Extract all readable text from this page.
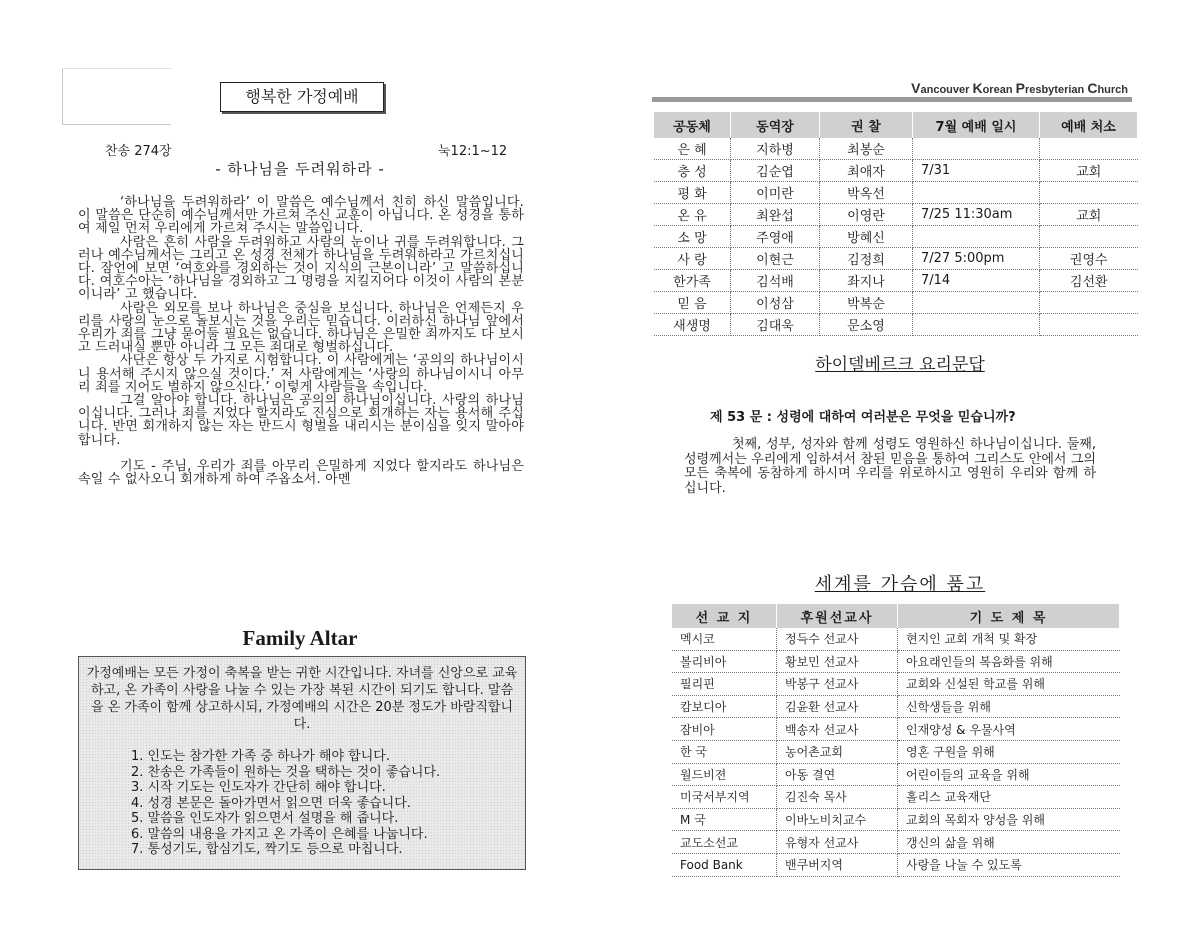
행복한 가정예배
찬송 274장	눅12:1~12
- 하나님을 두려워하라 -

‘하나님을 두려워하라’ 이 말씀은 예수님께서 친히 하신 말씀입니다. 이 말씀은 단순히 예수님께서만 가르쳐 주신 교훈이 아닙니다. 온 성경을 통하여 제일 먼저 우리에게 가르쳐 주시는 말씀입니다.

사람은 흔히 사람을 두려워하고 사람의 눈이나 귀를 두려워합니다. 그러나 예수님께서는 그리고 온 성경 전체가 하나님을 두려워하라고 가르치십니다. 잠언에 보면 ‘여호와를 경외하는 것이 지식의 근본이니라’ 고 말씀하십니다. 여호수아는 ‘하나님을 경외하고 그 명령을 지킬지어다 이것이 사람의 본분이니라’ 고 했습니다.

사람은 외모를 보나 하나님은 중심을 보십니다. 하나님은 언제든지 우리를 사랑의 눈으로 돌보시는 것을 우리는 믿습니다. 이러하신 하나님 앞에서 우리가 죄를 그냥 묻어둘 필요는 없습니다. 하나님은 은밀한 죄까지도 다 보시고 드러내실 뿐만 아니라 그 모든 죄대로 형벌하십니다.

사단은 항상 두 가지로 시험합니다. 이 사람에게는 ‘공의의 하나님이시니 용서해 주시지 않으실 것이다.’ 저 사람에게는 ‘사랑의 하나님이시니 아무리 죄를 지어도 벌하지 않으신다.’ 이렇게 사람들을 속입니다.

그걸 알아야 합니다. 하나님은 공의의 하나님이십니다. 사랑의 하나님이십니다. 그러나 죄를 지었다 할지라도 진심으로 회개하는 자는 용서해 주십니다. 반면 회개하지 않는 자는 반드시 형벌을 내리시는 분이심을 잊지 말아야 합니다.

기도 - 주님, 우리가 죄를 아무리 은밀하게 지었다 할지라도 하나님은 속일 수 없사오니 회개하게 하여 주옵소서. 아멘

Family Altar
가정예배는 모든 가정이 축복을 받는 귀한 시간입니다. 자녀를 신앙으로 교육 하고, 온 가족이 사랑을 나눌 수 있는 가장 복된 시간이 되기도 합니다. 말씀을 온 가족이 함께 상고하시되, 가정예배의 시간은 20분 정도가 바람직합니다.
1. 인도는 참가한 가족 중 하나가 해야 합니다.
2. 찬송은 가족들이 원하는 것을 택하는 것이 좋습니다.
3. 시작 기도는 인도자가 간단히 해야 합니다.
4. 성경 본문은 돌아가면서 읽으면 더욱 좋습니다.
5. 말씀을 인도자가 읽으면서 설명을 해 줍니다.
6. 말씀의 내용을 가지고 온 가족이 은혜를 나눕니다.
7. 통성기도, 합심기도, 짝기도 등으로 마칩니다.
Vancouver Korean Presbyterian Church
공동체	동역장	권 찰	7월 예배 일시	예배 처소
은 혜	지하병	최봉순		
충 성	김순엽	최애자	7/31	교회
평 화	이미란	박옥선		
온 유	최완섭	이영란	7/25 11:30am	교회
소 망	주영애	방혜신		
사 랑	이현근	김정희	7/27 5:00pm	권영수
한가족	김석배	좌지나	7/14	김선환
믿 음	이성삼	박복순		
새생명	김대욱	문소영		
하이델베르크 요리문답
제 53 문 : 성령에 대하여 여러분은 무엇을 믿습니까?

첫째, 성부, 성자와 함께 성령도 영원하신 하나님이십니다. 둘째, 성령께서는 우리에게 임하셔서 참된 믿음을 통하여 그리스도 안에서 그의 모든 축복에 동참하게 하시며 우리를 위로하시고 영원히 우리와 함께 하십니다.

세계를 가슴에 품고
선 교 지	후원선교사	기 도 제 목
멕시코	정득수 선교사	현지인 교회 개척 및 확장
볼리비아	황보민 선교사	아요래인들의 복음화를 위해
필리핀	박봉구 선교사	교회와 신설된 학교를 위해
캄보디아	김윤환 선교사	신학생들을 위해
잠비아	백송자 선교사	인재양성 & 우물사역
한 국	농어촌교회	영혼 구원을 위해
월드비젼	아동 결연	어린이들의 교육을 위해
미국서부지역	김진숙 목사	홀리스 교육재단
M 국	이바노비치교수	교회의 목회자 양성을 위해
교도소선교	유형자 선교사	갱신의 삶을 위해
Food Bank	밴쿠버지역	사랑을 나눌 수 있도록
